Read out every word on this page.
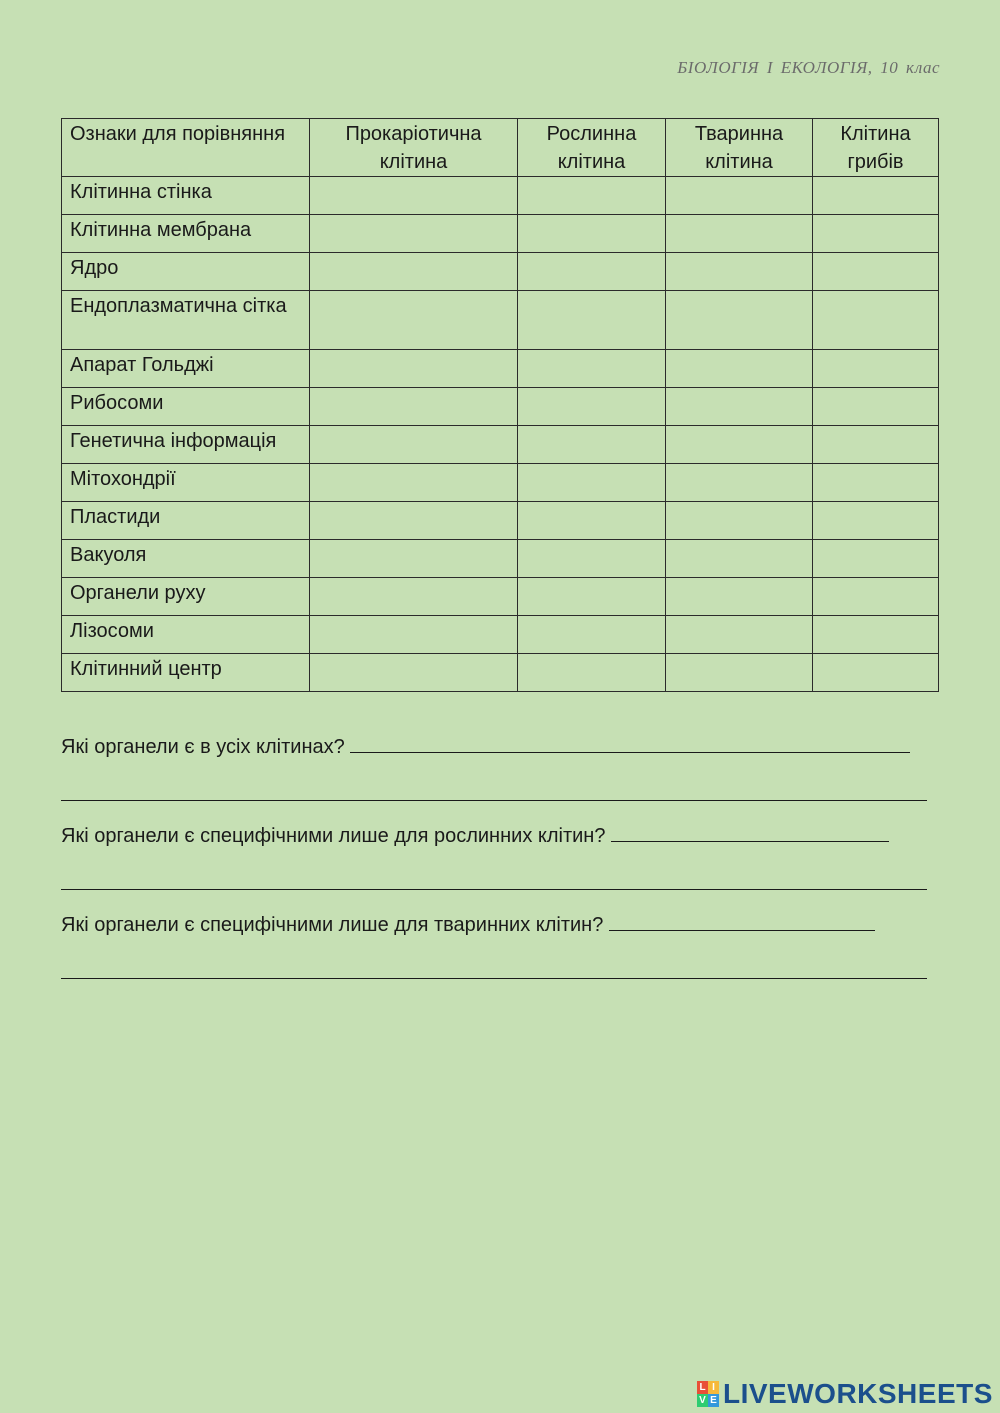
БІОЛОГІЯ І ЕКОЛОГІЯ, 10 клас
Ознаки для порівняння	Прокаріотична клітина	Рослинна клітина	Тваринна клітина	Клітина грибів
Клітинна стінка	

Клітинна мембрана	

Ядро	

Ендоплазматична сітка	

Апарат Гольджі	

Рибосоми	

Генетична інформація	

Мітохондрії	

Пластиди	

Вакуоля	

Органели руху	

Лізосоми	

Клітинний центр	

Які органели є в усіх клітинах?
Які органели є специфічними лише для рослинних клітин?
Які органели є специфічними лише для тваринних клітин?
L I
V E LIVEWORKSHEETS
